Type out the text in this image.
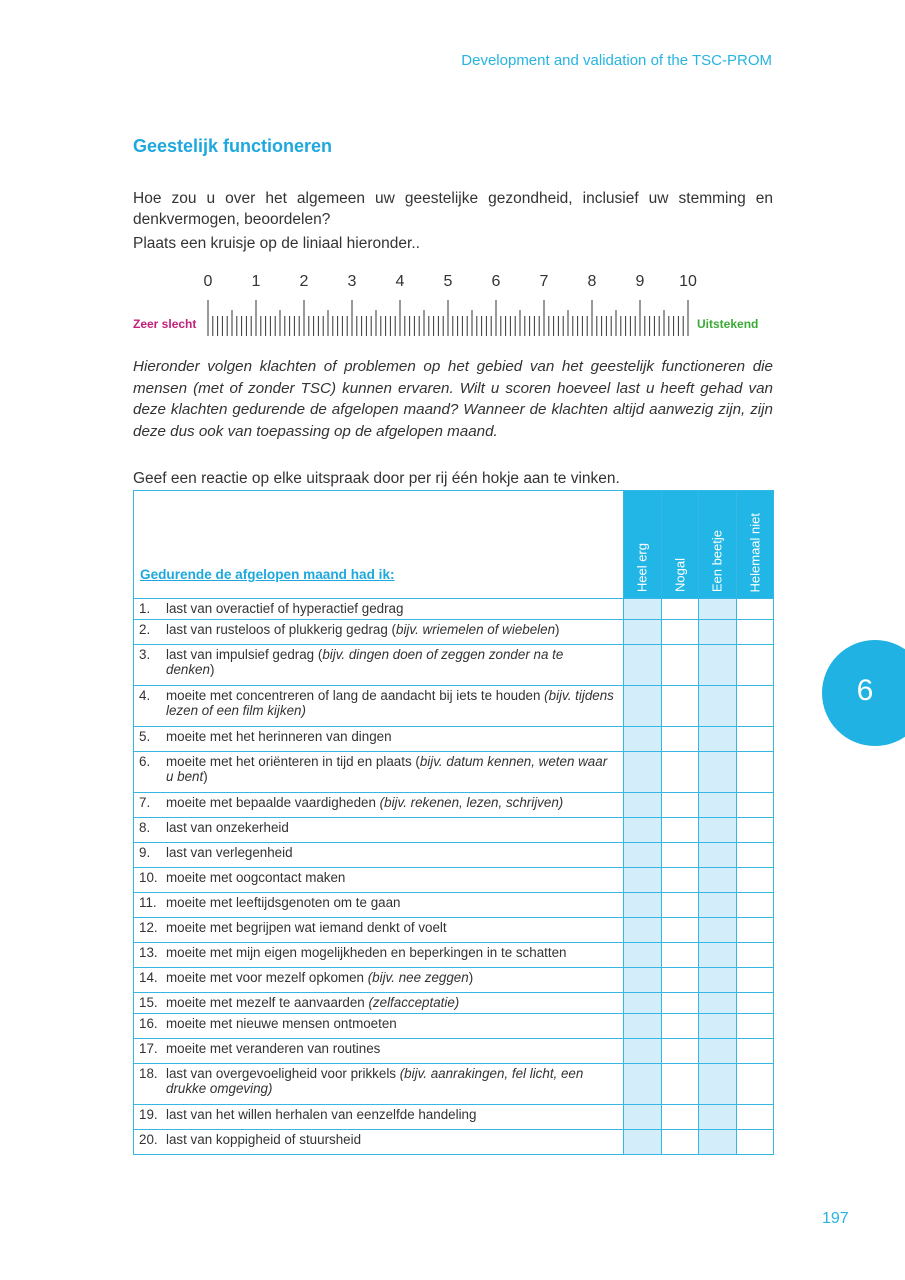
Development and validation of the TSC-PROM
Geestelijk functioneren
Hoe zou u over het algemeen uw geestelijke gezondheid, inclusief uw stemming en denkvermogen, beoordelen?
Plaats een kruisje op de liniaal hieronder..
0	1	2	3	4	5	6	7	8	9	10
Zeer slecht	Uitstekend
Hieronder volgen klachten of problemen op het gebied van het geestelijk functioneren die mensen (met of zonder TSC) kunnen ervaren. Wilt u scoren hoeveel last u heeft gehad van deze klachten gedurende de afgelopen maand? Wanneer de klachten altijd aanwezig zijn, zijn deze dus ook van toepassing op de afgelopen maand.
Geef een reactie op elke uitspraak door per rij één hokje aan te vinken.
Gedurende de afgelopen maand had ik:	Heel erg	Nogal	Een beetje	Helemaal niet

1. last van overactief of hyperactief gedrag				
2. last van rusteloos of plukkerig gedrag (bijv. wriemelen of wiebelen)				
3. last van impulsief gedrag (bijv. dingen doen of zeggen zonder na te denken)				
4. moeite met concentreren of lang de aandacht bij iets te houden (bijv. tijdens lezen of een film kijken)				
5. moeite met het herinneren van dingen				
6. moeite met het oriënteren in tijd en plaats (bijv. datum kennen, weten waar u bent)				
7. moeite met bepaalde vaardigheden (bijv. rekenen, lezen, schrijven)				
8. last van onzekerheid				
9. last van verlegenheid				
10. moeite met oogcontact maken				
11. moeite met leeftijdsgenoten om te gaan				
12. moeite met begrijpen wat iemand denkt of voelt				
13. moeite met mijn eigen mogelijkheden en beperkingen in te schatten				
14. moeite met voor mezelf opkomen (bijv. nee zeggen)				
15. moeite met mezelf te aanvaarden (zelfacceptatie)				
16. moeite met nieuwe mensen ontmoeten				
17. moeite met veranderen van routines				
18. last van overgevoeligheid voor prikkels (bijv. aanrakingen, fel licht, een drukke omgeving)				
19. last van het willen herhalen van eenzelfde handeling				
20. last van koppigheid of stuursheid				
6
197
